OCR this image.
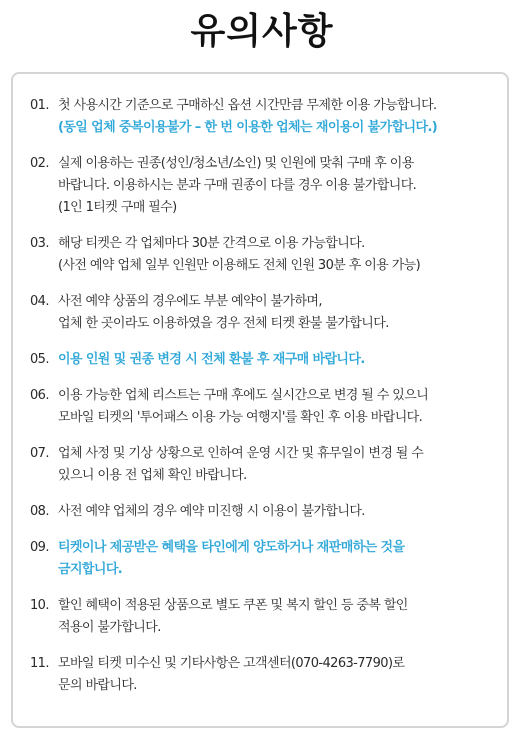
유의사항
01. 첫 사용시간 기준으로 구매하신 옵션 시간만큼 무제한 이용 가능합니다.
(동일 업체 중복이용불가 – 한 번 이용한 업체는 재이용이 불가합니다.)
02. 실제 이용하는 권종(성인/청소년/소인) 및 인원에 맞춰 구매 후 이용
바랍니다. 이용하시는 분과 구매 권종이 다를 경우 이용 불가합니다.
(1인 1티켓 구매 필수)
03. 해당 티켓은 각 업체마다 30분 간격으로 이용 가능합니다.
(사전 예약 업체 일부 인원만 이용해도 전체 인원 30분 후 이용 가능)
04. 사전 예약 상품의 경우에도 부분 예약이 불가하며,
업체 한 곳이라도 이용하였을 경우 전체 티켓 환불 불가합니다.
05. 이용 인원 및 권종 변경 시 전체 환불 후 재구매 바랍니다.
06. 이용 가능한 업체 리스트는 구매 후에도 실시간으로 변경 될 수 있으니
모바일 티켓의 '투어패스 이용 가능 여행지'를 확인 후 이용 바랍니다.
07. 업체 사정 및 기상 상황으로 인하여 운영 시간 및 휴무일이 변경 될 수
있으니 이용 전 업체 확인 바랍니다.
08. 사전 예약 업체의 경우 예약 미진행 시 이용이 불가합니다.
09. 티켓이나 제공받은 혜택을 타인에게 양도하거나 재판매하는 것을
금지합니다.
10. 할인 혜택이 적용된 상품으로 별도 쿠폰 및 복지 할인 등 중복 할인
적용이 불가합니다.
11. 모바일 티켓 미수신 및 기타사항은 고객센터(070-4263-7790)로
문의 바랍니다.
